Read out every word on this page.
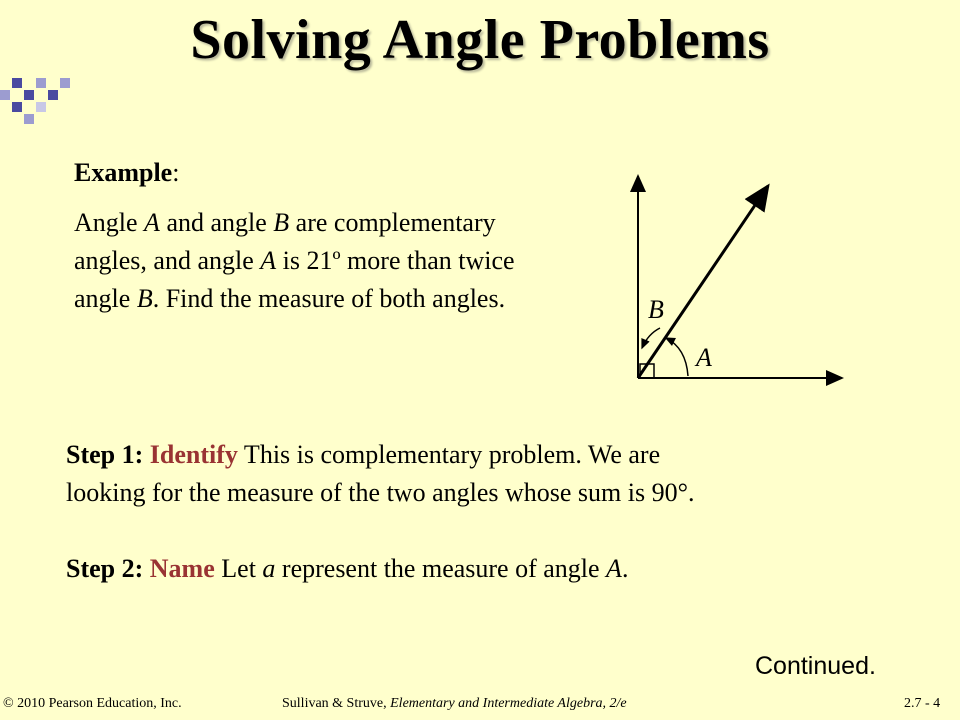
Solving Angle Problems
Example:
Angle A and angle B are complementary
angles, and angle A is 21º more than twice
angle B. Find the measure of both angles.	B
A

Step 1: Identify This is complementary problem. We are
looking for the measure of the two angles whose sum is 90°.

Step 2: Name Let a represent the measure of angle A.

Continued.
© 2010 Pearson Education, Inc.	Sullivan & Struve, Elementary and Intermediate Algebra, 2/e	2.7 - 4
